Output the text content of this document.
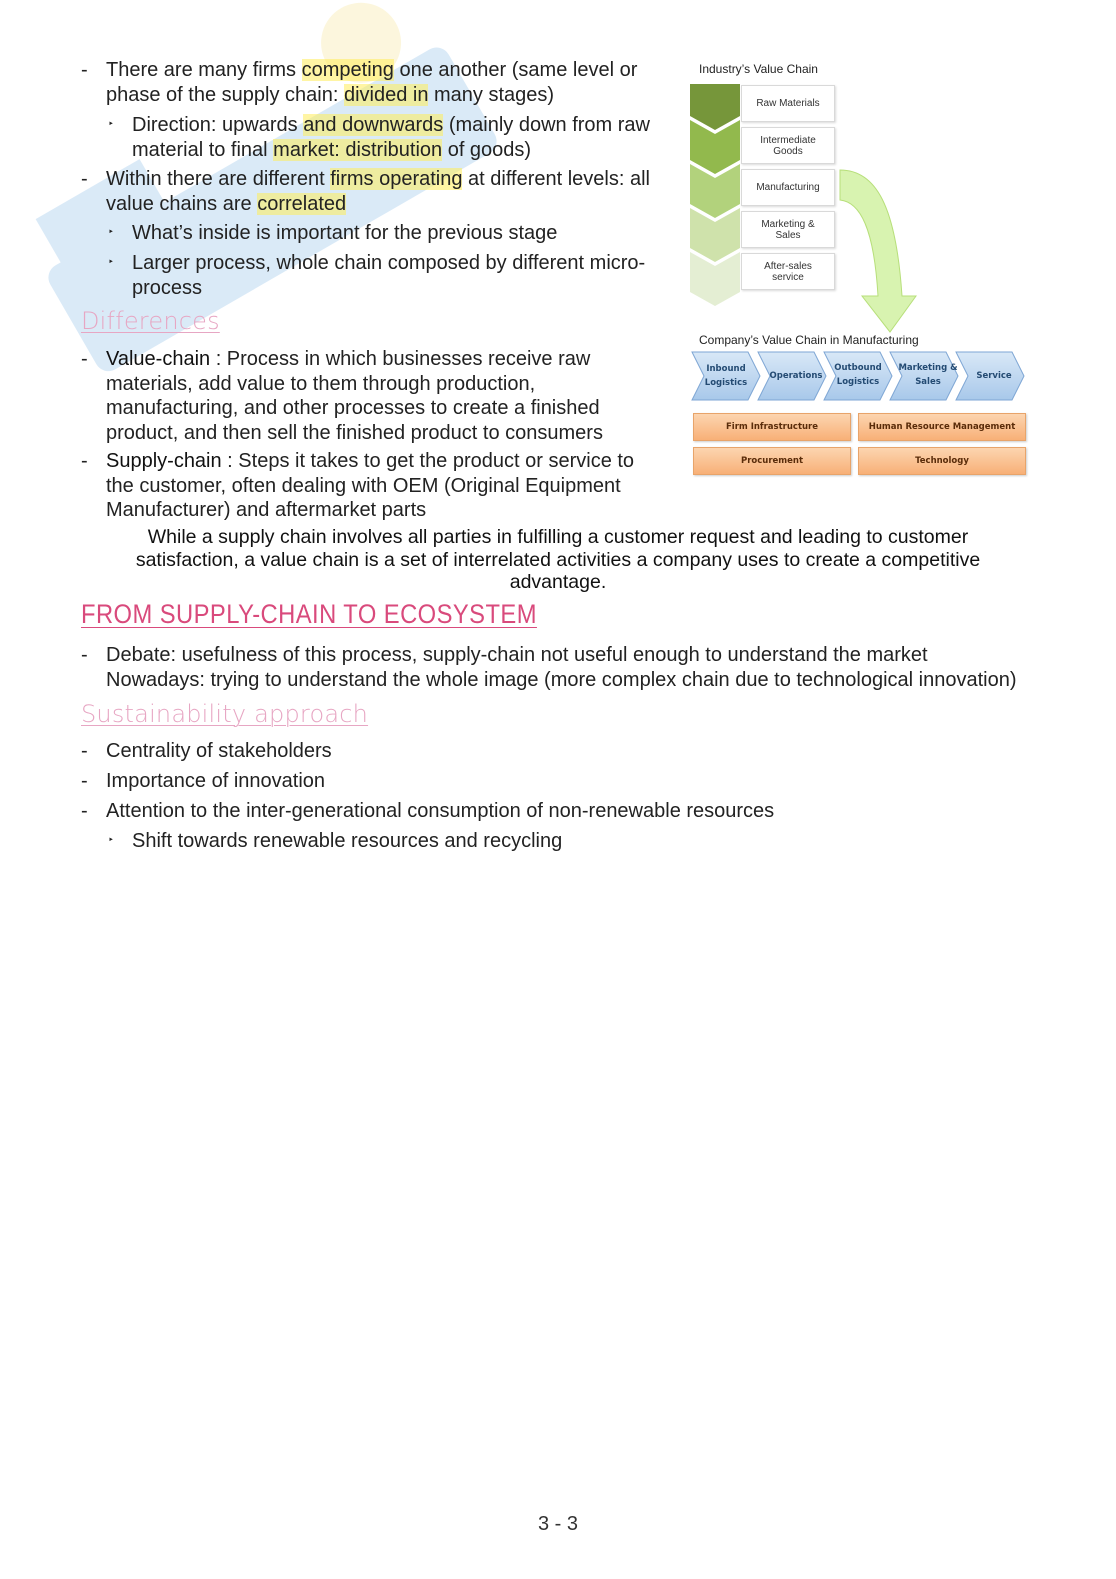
- There are many firms competing one another (same level or
phase of the supply chain: divided in many stages)
‣ Direction: upwards and downwards (mainly down from raw
material to final market: distribution of goods)
- Within there are different firms operating at different levels: all
value chains are correlated
‣ What’s inside is important for the previous stage
‣ Larger process, whole chain composed by different micro-
process
Differences
- Value-chain : Process in which businesses receive raw
materials, add value to them through production,
manufacturing, and other processes to create a finished
product, and then sell the finished product to consumers
- Supply-chain : Steps it takes to get the product or service to
the customer, often dealing with OEM (Original Equipment
Manufacturer) and aftermarket parts
While a supply chain involves all parties in fulfilling a customer request and leading to customer
satisfaction, a value chain is a set of interrelated activities a company uses to create a competitive
advantage.
Industry’s Value Chain
Raw Materials
Intermediate
Goods
Manufacturing
Marketing &
Sales
After-sales
service
Company’s Value Chain in Manufacturing
Inbound
Logistics
Operations
Outbound
Logistics
Marketing &
Sales
Service
Firm Infrastructure	Human Resource Management
Procurement	Technology
FROM SUPPLY-CHAIN TO ECOSYSTEM
- Debate: usefulness of this process, supply-chain not useful enough to understand the market
Nowadays: trying to understand the whole image (more complex chain due to technological innovation)
Sustainability approach
- Centrality of stakeholders
- Importance of innovation
- Attention to the inter-generational consumption of non-renewable resources
‣ Shift towards renewable resources and recycling
3 - 3
